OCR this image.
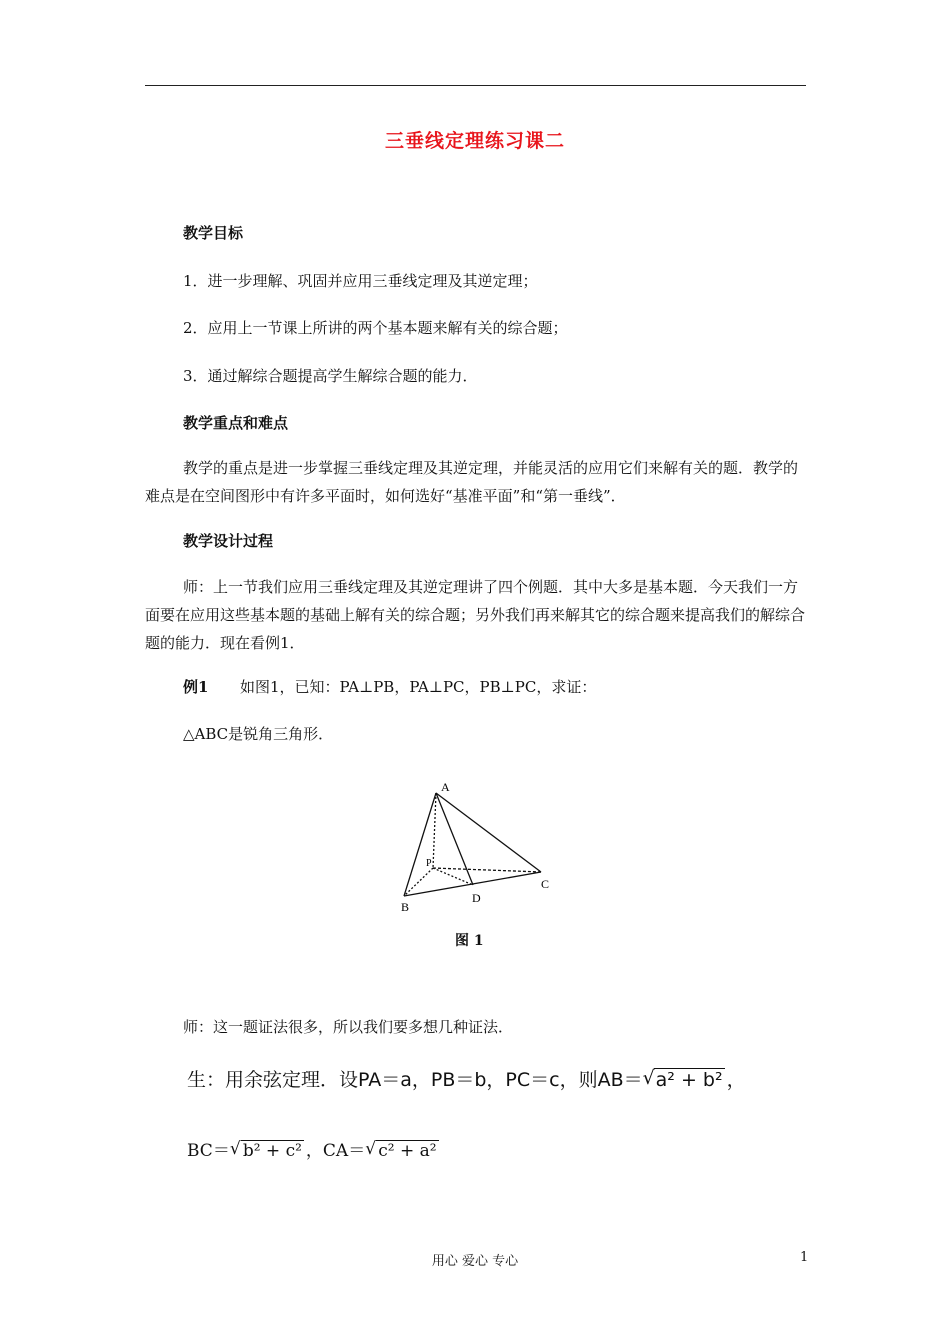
三垂线定理练习课二
教学目标
1．进一步理解、巩固并应用三垂线定理及其逆定理；
2．应用上一节课上所讲的两个基本题来解有关的综合题；
3．通过解综合题提高学生解综合题的能力．
教学重点和难点
教学的重点是进一步掌握三垂线定理及其逆定理，并能灵活的应用它们来解有关的题．教学的难点是在空间图形中有许多平面时，如何选好“基准平面”和“第一垂线”．
教学设计过程
师：上一节我们应用三垂线定理及其逆定理讲了四个例题．其中大多是基本题．今天我们一方面要在应用这些基本题的基础上解有关的综合题；另外我们再来解其它的综合题来提高我们的解综合题的能力．现在看例1．
例1 如图1，已知：PA⊥PB，PA⊥PC，PB⊥PC，求证：
△ABC是锐角三角形．
A
B
C
D
P
图 1
师：这一题证法很多，所以我们要多想几种证法．
生：用余弦定理．设PA＝a，PB＝b，PC＝c，则AB＝ √ a² + b² ，
BC＝ √ b² + c² ，CA＝ √ c² + a²
用心 爱心 专心	1
